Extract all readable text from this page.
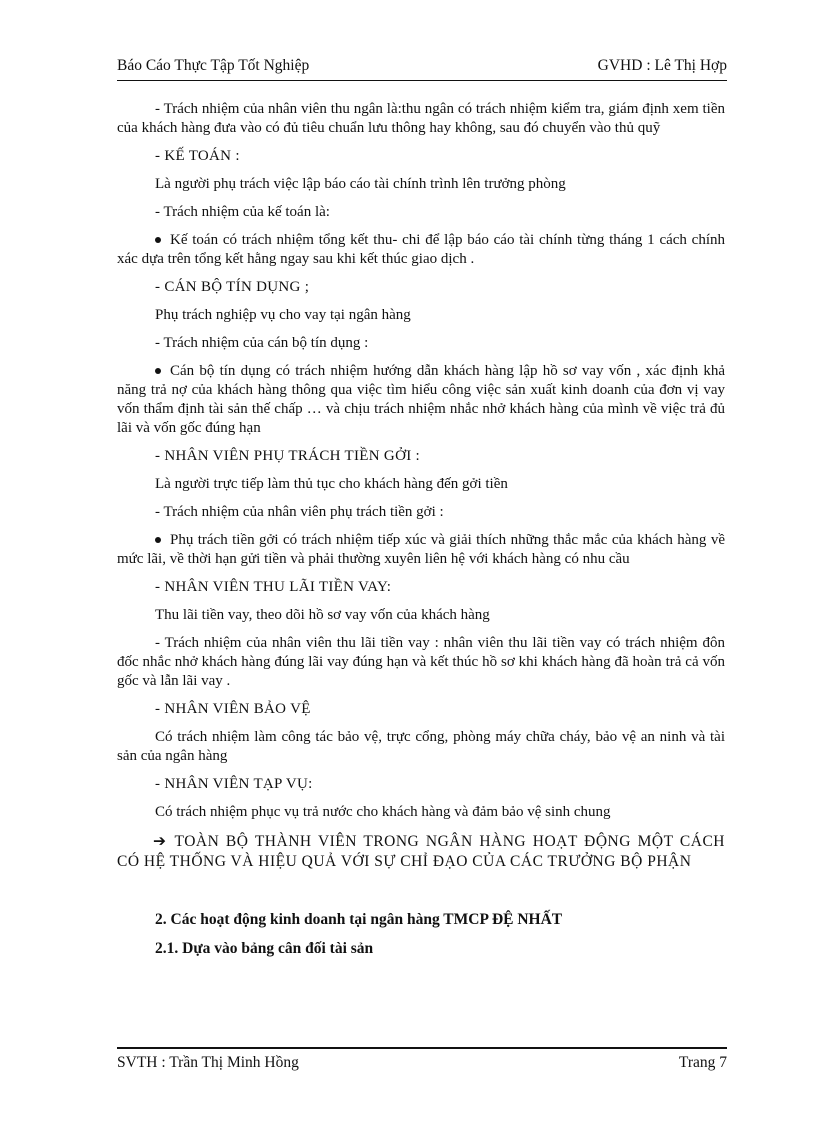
Báo Cáo Thực Tập Tốt Nghiệp	GVHD : Lê Thị Hợp

- Trách nhiệm của nhân viên thu ngân là:thu ngân có trách nhiệm kiểm tra, giám định xem tiền của khách hàng đưa vào có đủ tiêu chuẩn lưu thông hay không, sau đó chuyển vào thủ quỹ

- KẾ TOÁN :

Là người phụ trách việc lập báo cáo tài chính trình lên trưởng phòng

- Trách nhiệm của kế toán là:

Kế toán có trách nhiệm tổng kết thu- chi để lập báo cáo tài chính từng tháng 1 cách chính xác dựa trên tổng kết hằng ngay sau khi kết thúc giao dịch .

- CÁN BỘ TÍN DỤNG ;

Phụ trách nghiệp vụ cho vay tại ngân hàng

- Trách nhiệm của cán bộ tín dụng :

Cán bộ tín dụng có trách nhiệm hướng dẫn khách hàng lập hồ sơ vay vốn , xác định khả năng trả nợ của khách hàng thông qua việc tìm hiểu công việc sản xuất kinh doanh của đơn vị vay vốn thẩm định tài sản thế chấp … và chịu trách nhiệm nhắc nhở khách hàng của mình về việc trả đủ lãi và vốn gốc đúng hạn

- NHÂN VIÊN PHỤ TRÁCH TIỀN GỞI :

Là người trực tiếp làm thủ tục cho khách hàng đến gởi tiền

- Trách nhiệm của nhân viên phụ trách tiền gởi :

Phụ trách tiền gởi có trách nhiệm tiếp xúc và giải thích những thắc mắc của khách hàng về mức lãi, về thời hạn gửi tiền và phải thường xuyên liên hệ với khách hàng có nhu cầu

- NHÂN VIÊN THU LÃI TIỀN VAY:

Thu lãi tiền vay, theo dõi hồ sơ vay vốn của khách hàng

- Trách nhiệm của nhân viên thu lãi tiền vay : nhân viên thu lãi tiền vay có trách nhiệm đôn đốc nhắc nhở khách hàng đúng lãi vay đúng hạn và kết thúc hồ sơ khi khách hàng đã hoàn trả cả vốn gốc và lẫn lãi vay .

- NHÂN VIÊN BẢO VỆ

Có trách nhiệm làm công tác bảo vệ, trực cổng, phòng máy chữa cháy, bảo vệ an ninh và tài sản của ngân hàng

- NHÂN VIÊN TẠP VỤ:

Có trách nhiệm phục vụ trả nước cho khách hàng và đảm bảo vệ sinh chung

➔ TOÀN BỘ THÀNH VIÊN TRONG NGÂN HÀNG HOẠT ĐỘNG MỘT CÁCH CÓ HỆ THỐNG VÀ HIỆU QUẢ VỚI SỰ CHỈ ĐẠO CỦA CÁC TRƯỞNG BỘ PHẬN

2. Các hoạt động kinh doanh tại ngân hàng TMCP ĐỆ NHẤT

2.1. Dựa vào bảng cân đối tài sản

SVTH : Trần Thị Minh Hồng	Trang 7
